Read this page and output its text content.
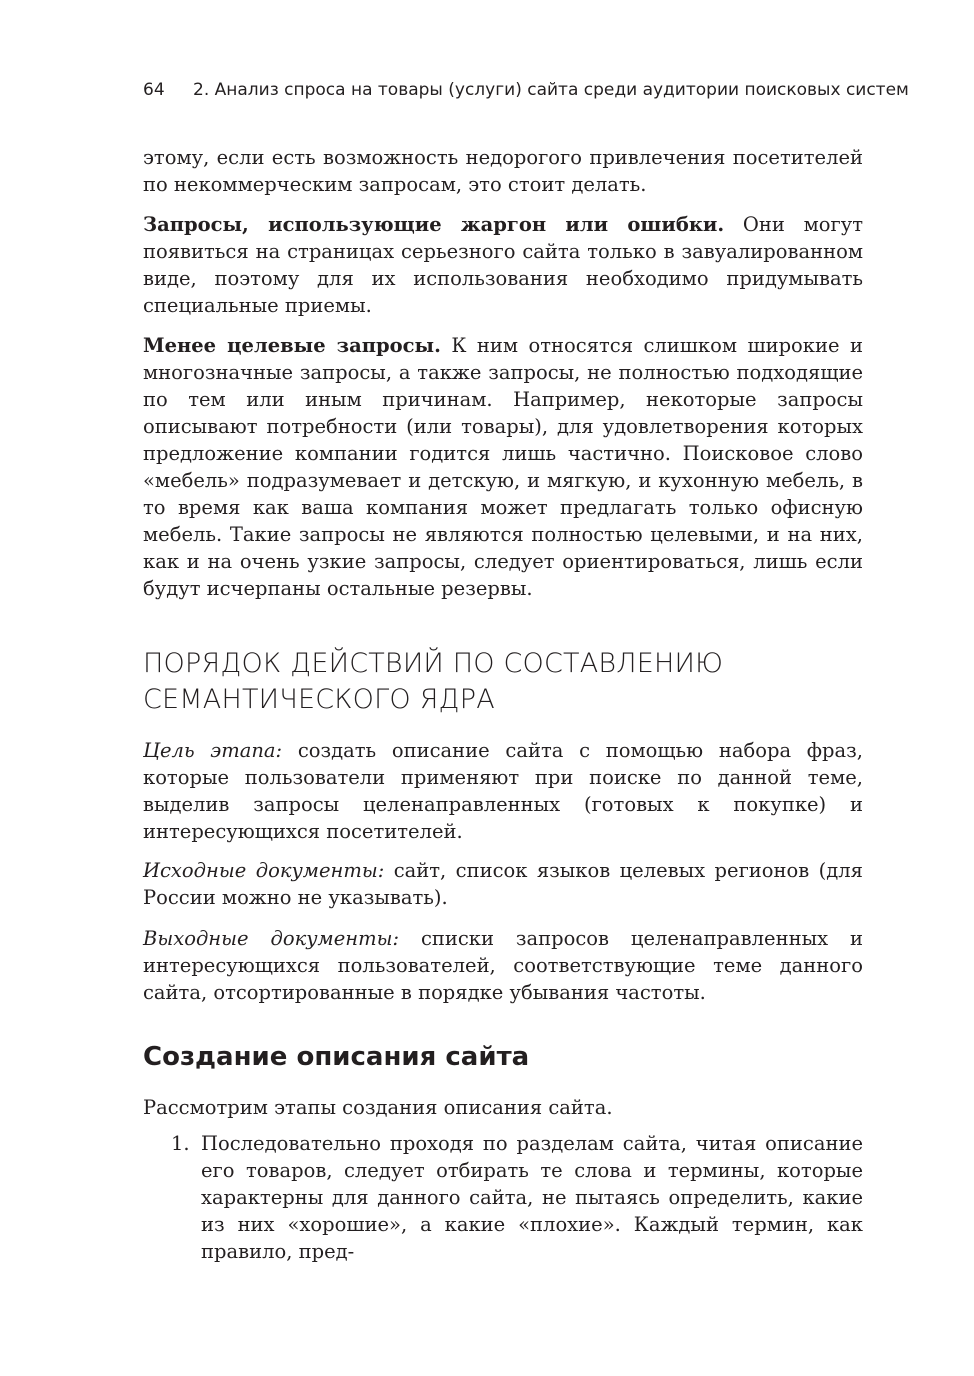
64 2. Анализ спроса на товары (услуги) сайта среди аудитории поисковых систем

этому, если есть возможность недорогого привлечения посетителей по некоммерческим запросам, это стоит делать.

Запросы, использующие жаргон или ошибки. Они могут появиться на страницах серьезного сайта только в завуалированном виде, поэтому для их использования необходимо придумывать специальные приемы.

Менее целевые запросы. К ним относятся слишком широкие и многозначные запросы, а также запросы, не полностью подходящие по тем или иным причинам. Например, некоторые запросы описывают потребности (или товары), для удовлетворения которых предложение компании годится лишь частично. Поисковое слово «мебель» подразумевает и детскую, и мягкую, и кухонную мебель, в то время как ваша компания может предлагать только офисную мебель. Такие запросы не являются полностью целевыми, и на них, как и на очень узкие запросы, следует ориентироваться, лишь если будут исчерпаны остальные резервы.

ПОРЯДОК ДЕЙСТВИЙ ПО СОСТАВЛЕНИЮ
СЕМАНТИЧЕСКОГО ЯДРА

Цель этапа: создать описание сайта с помощью набора фраз, которые пользователи применяют при поиске по данной теме, выделив запросы целенаправленных (готовых к покупке) и интересующихся посетителей.

Исходные документы: сайт, список языков целевых регионов (для России можно не указывать).

Выходные документы: списки запросов целенаправленных и интересующихся пользователей, соответствующие теме данного сайта, отсортированные в порядке убывания частоты.

Создание описания сайта

Рассмотрим этапы создания описания сайта.

1. Последовательно проходя по разделам сайта, читая описание его товаров, следует отбирать те слова и термины, которые характерны для данного сайта, не пытаясь определить, какие из них «хорошие», а какие «плохие». Каждый термин, как правило, пред-
